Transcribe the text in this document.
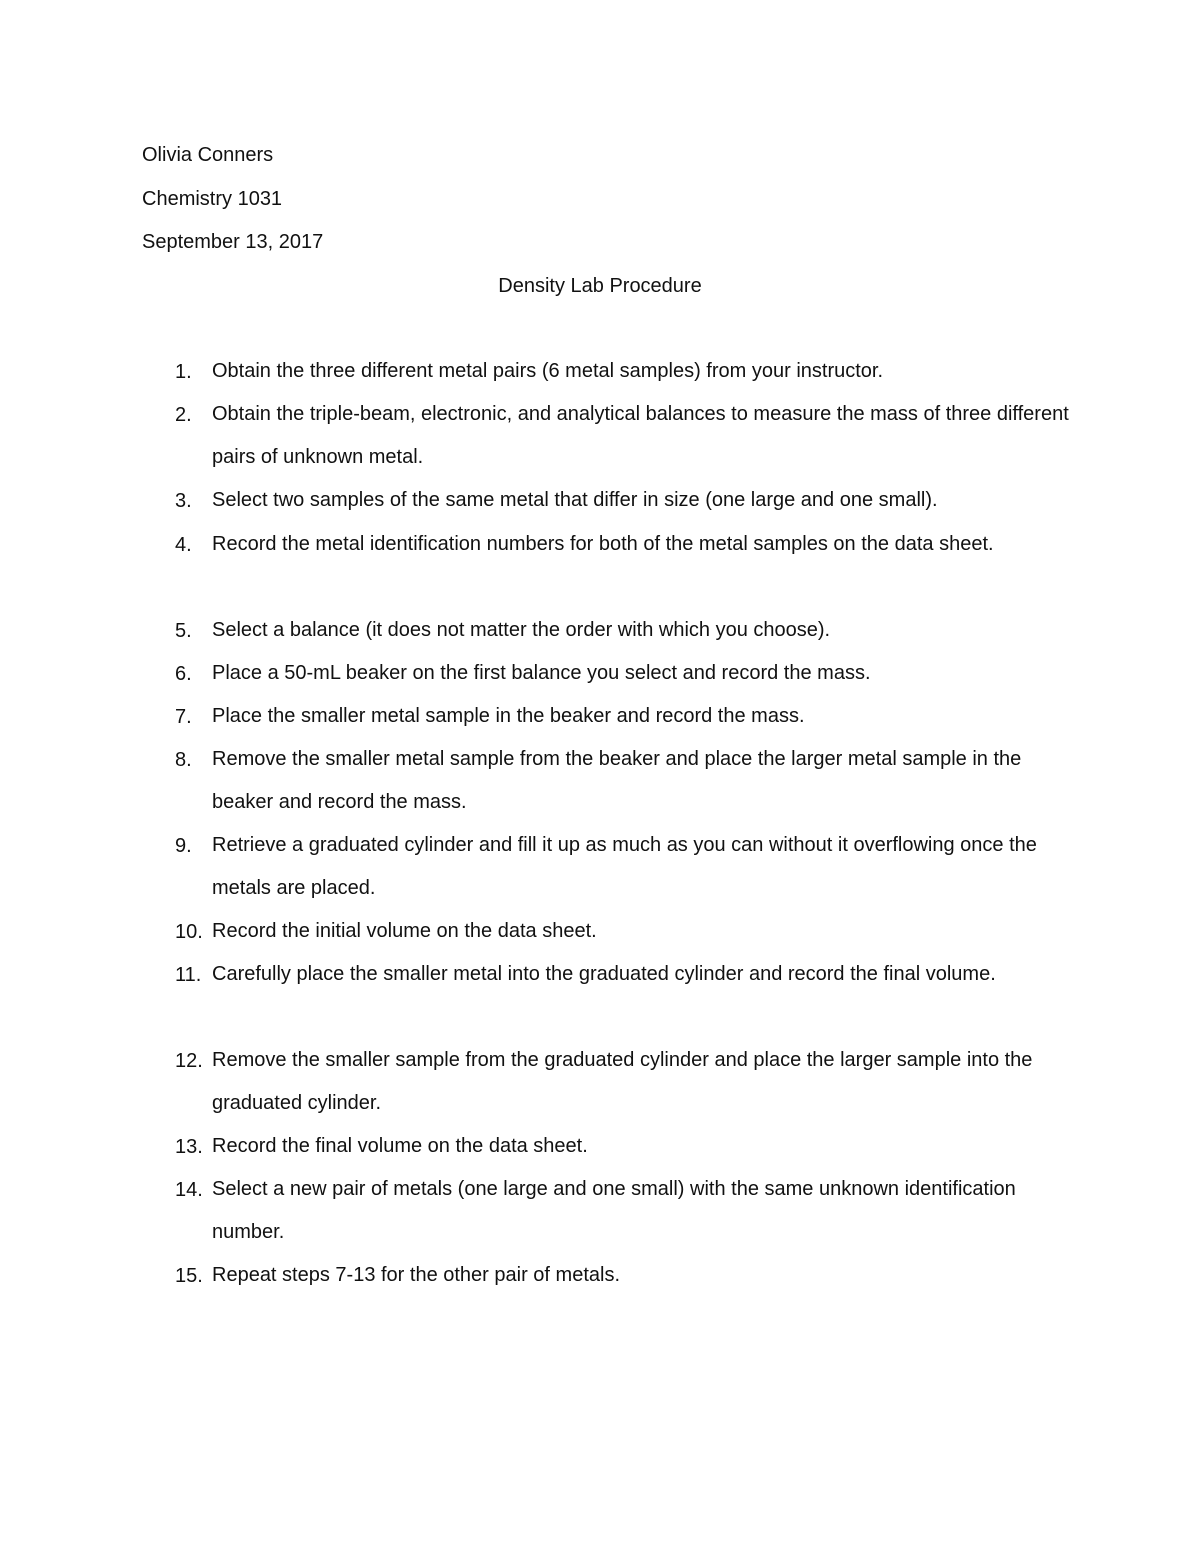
Olivia Conners
Chemistry 1031
September 13, 2017
Density Lab Procedure
1.	Obtain the three different metal pairs (6 metal samples) from your instructor.
2.	Obtain the triple-beam, electronic, and analytical balances to measure the mass of three different pairs of unknown metal.
3.	Select two samples of the same metal that differ in size (one large and one small).
4.	Record the metal identification numbers for both of the metal samples on the data sheet.
5.	Select a balance (it does not matter the order with which you choose).
6.	Place a 50-mL beaker on the first balance you select and record the mass.
7.	Place the smaller metal sample in the beaker and record the mass.
8.	Remove the smaller metal sample from the beaker and place the larger metal sample in the beaker and record the mass.
9.	Retrieve a graduated cylinder and fill it up as much as you can without it overflowing once the metals are placed.
10. Record the initial volume on the data sheet.
11. Carefully place the smaller metal into the graduated cylinder and record the final volume.
12. Remove the smaller sample from the graduated cylinder and place the larger sample into the graduated cylinder.
13. Record the final volume on the data sheet.
14. Select a new pair of metals (one large and one small) with the same unknown identification number.
15. Repeat steps 7-13 for the other pair of metals.
